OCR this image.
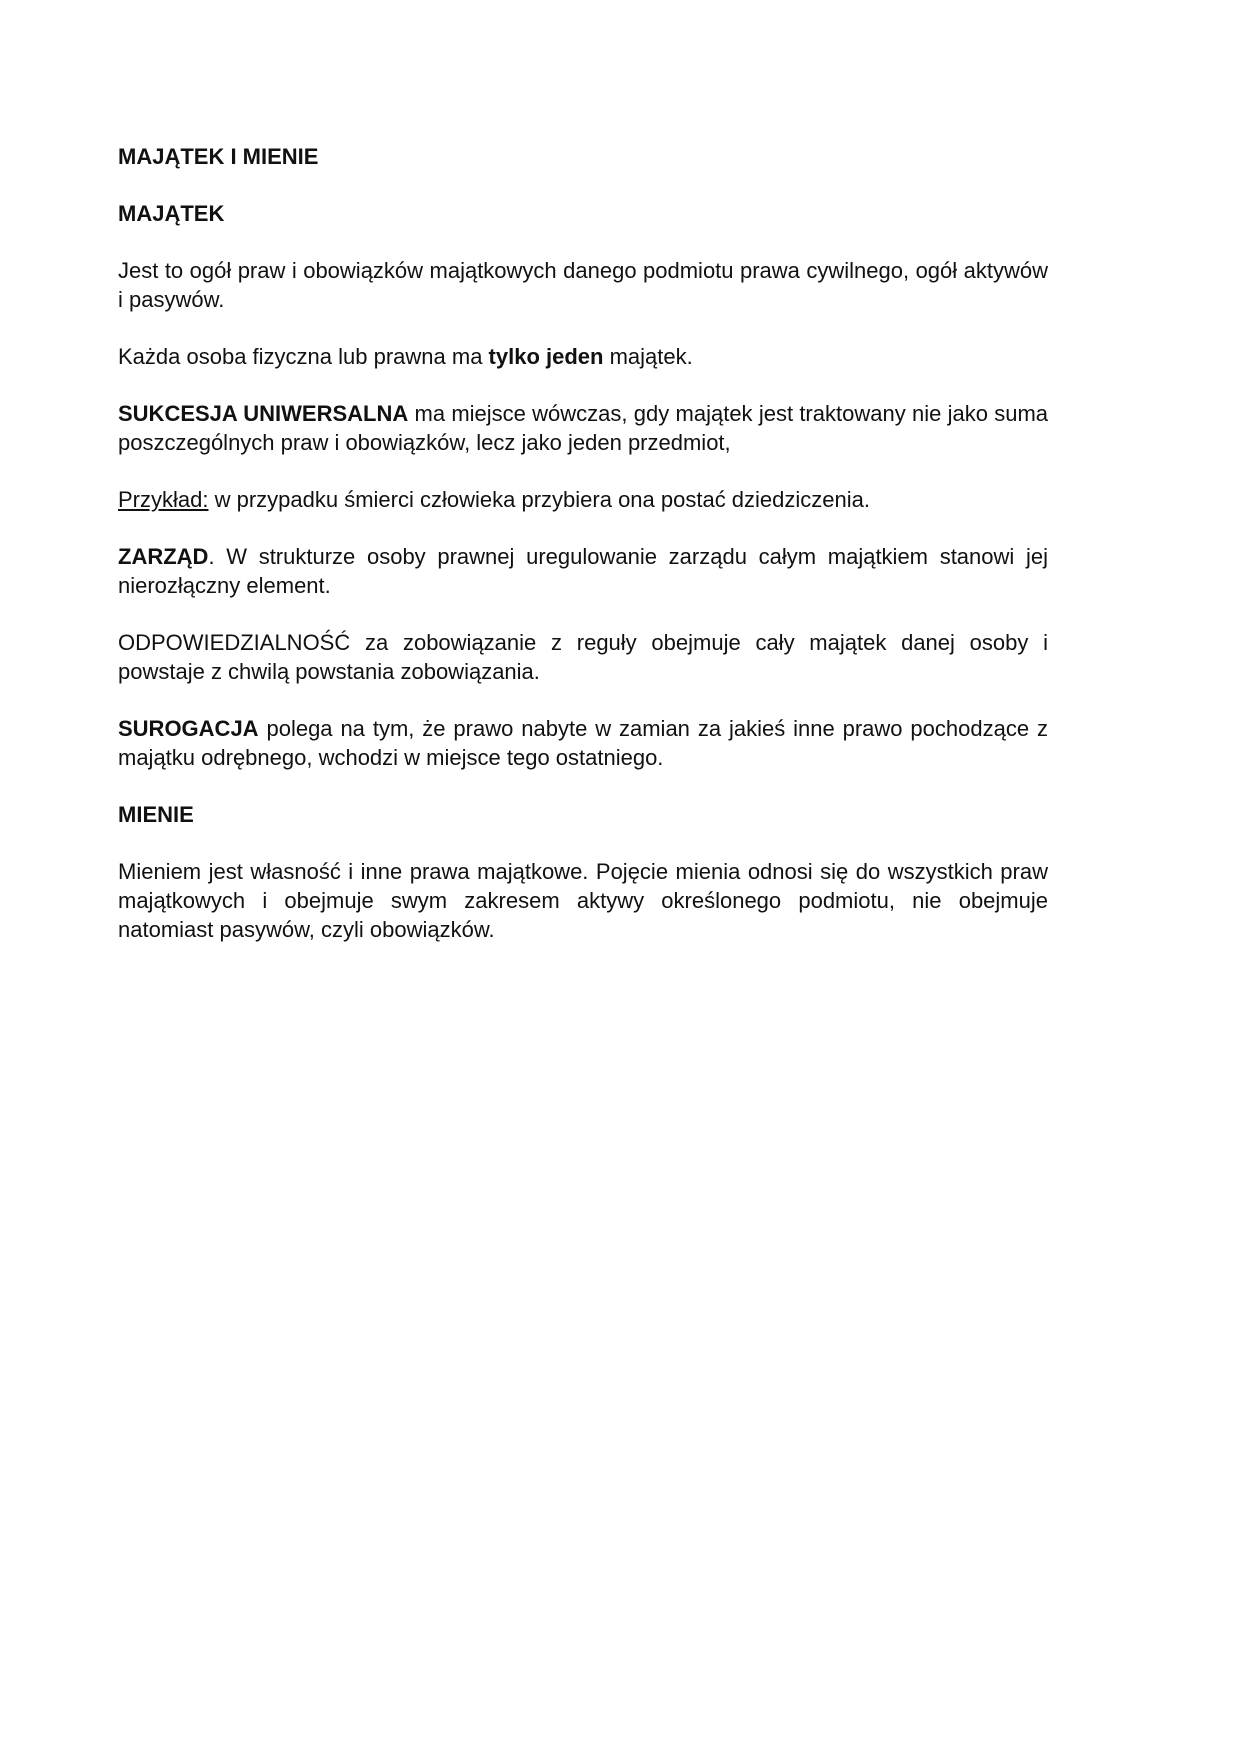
MAJĄTEK I MIENIE

MAJĄTEK

Jest to ogół praw i obowiązków majątkowych danego podmiotu prawa cywilnego, ogół aktywów i pasywów.

Każda osoba fizyczna lub prawna ma tylko jeden majątek.

SUKCESJA UNIWERSALNA ma miejsce wówczas, gdy majątek jest traktowany nie jako suma poszczególnych praw i obowiązków, lecz jako jeden przedmiot,

Przykład: w przypadku śmierci człowieka przybiera ona postać dziedziczenia.

ZARZĄD. W strukturze osoby prawnej uregulowanie zarządu całym majątkiem stanowi jej nierozłączny element.

ODPOWIEDZIALNOŚĆ za zobowiązanie z reguły obejmuje cały majątek danej osoby i powstaje z chwilą powstania zobowiązania.

SUROGACJA polega na tym, że prawo nabyte w zamian za jakieś inne prawo pochodzące z majątku odrębnego, wchodzi w miejsce tego ostatniego.

MIENIE

Mieniem jest własność i inne prawa majątkowe. Pojęcie mienia odnosi się do wszystkich praw majątkowych i obejmuje swym zakresem aktywy określonego podmiotu, nie obejmuje natomiast pasywów, czyli obowiązków.
